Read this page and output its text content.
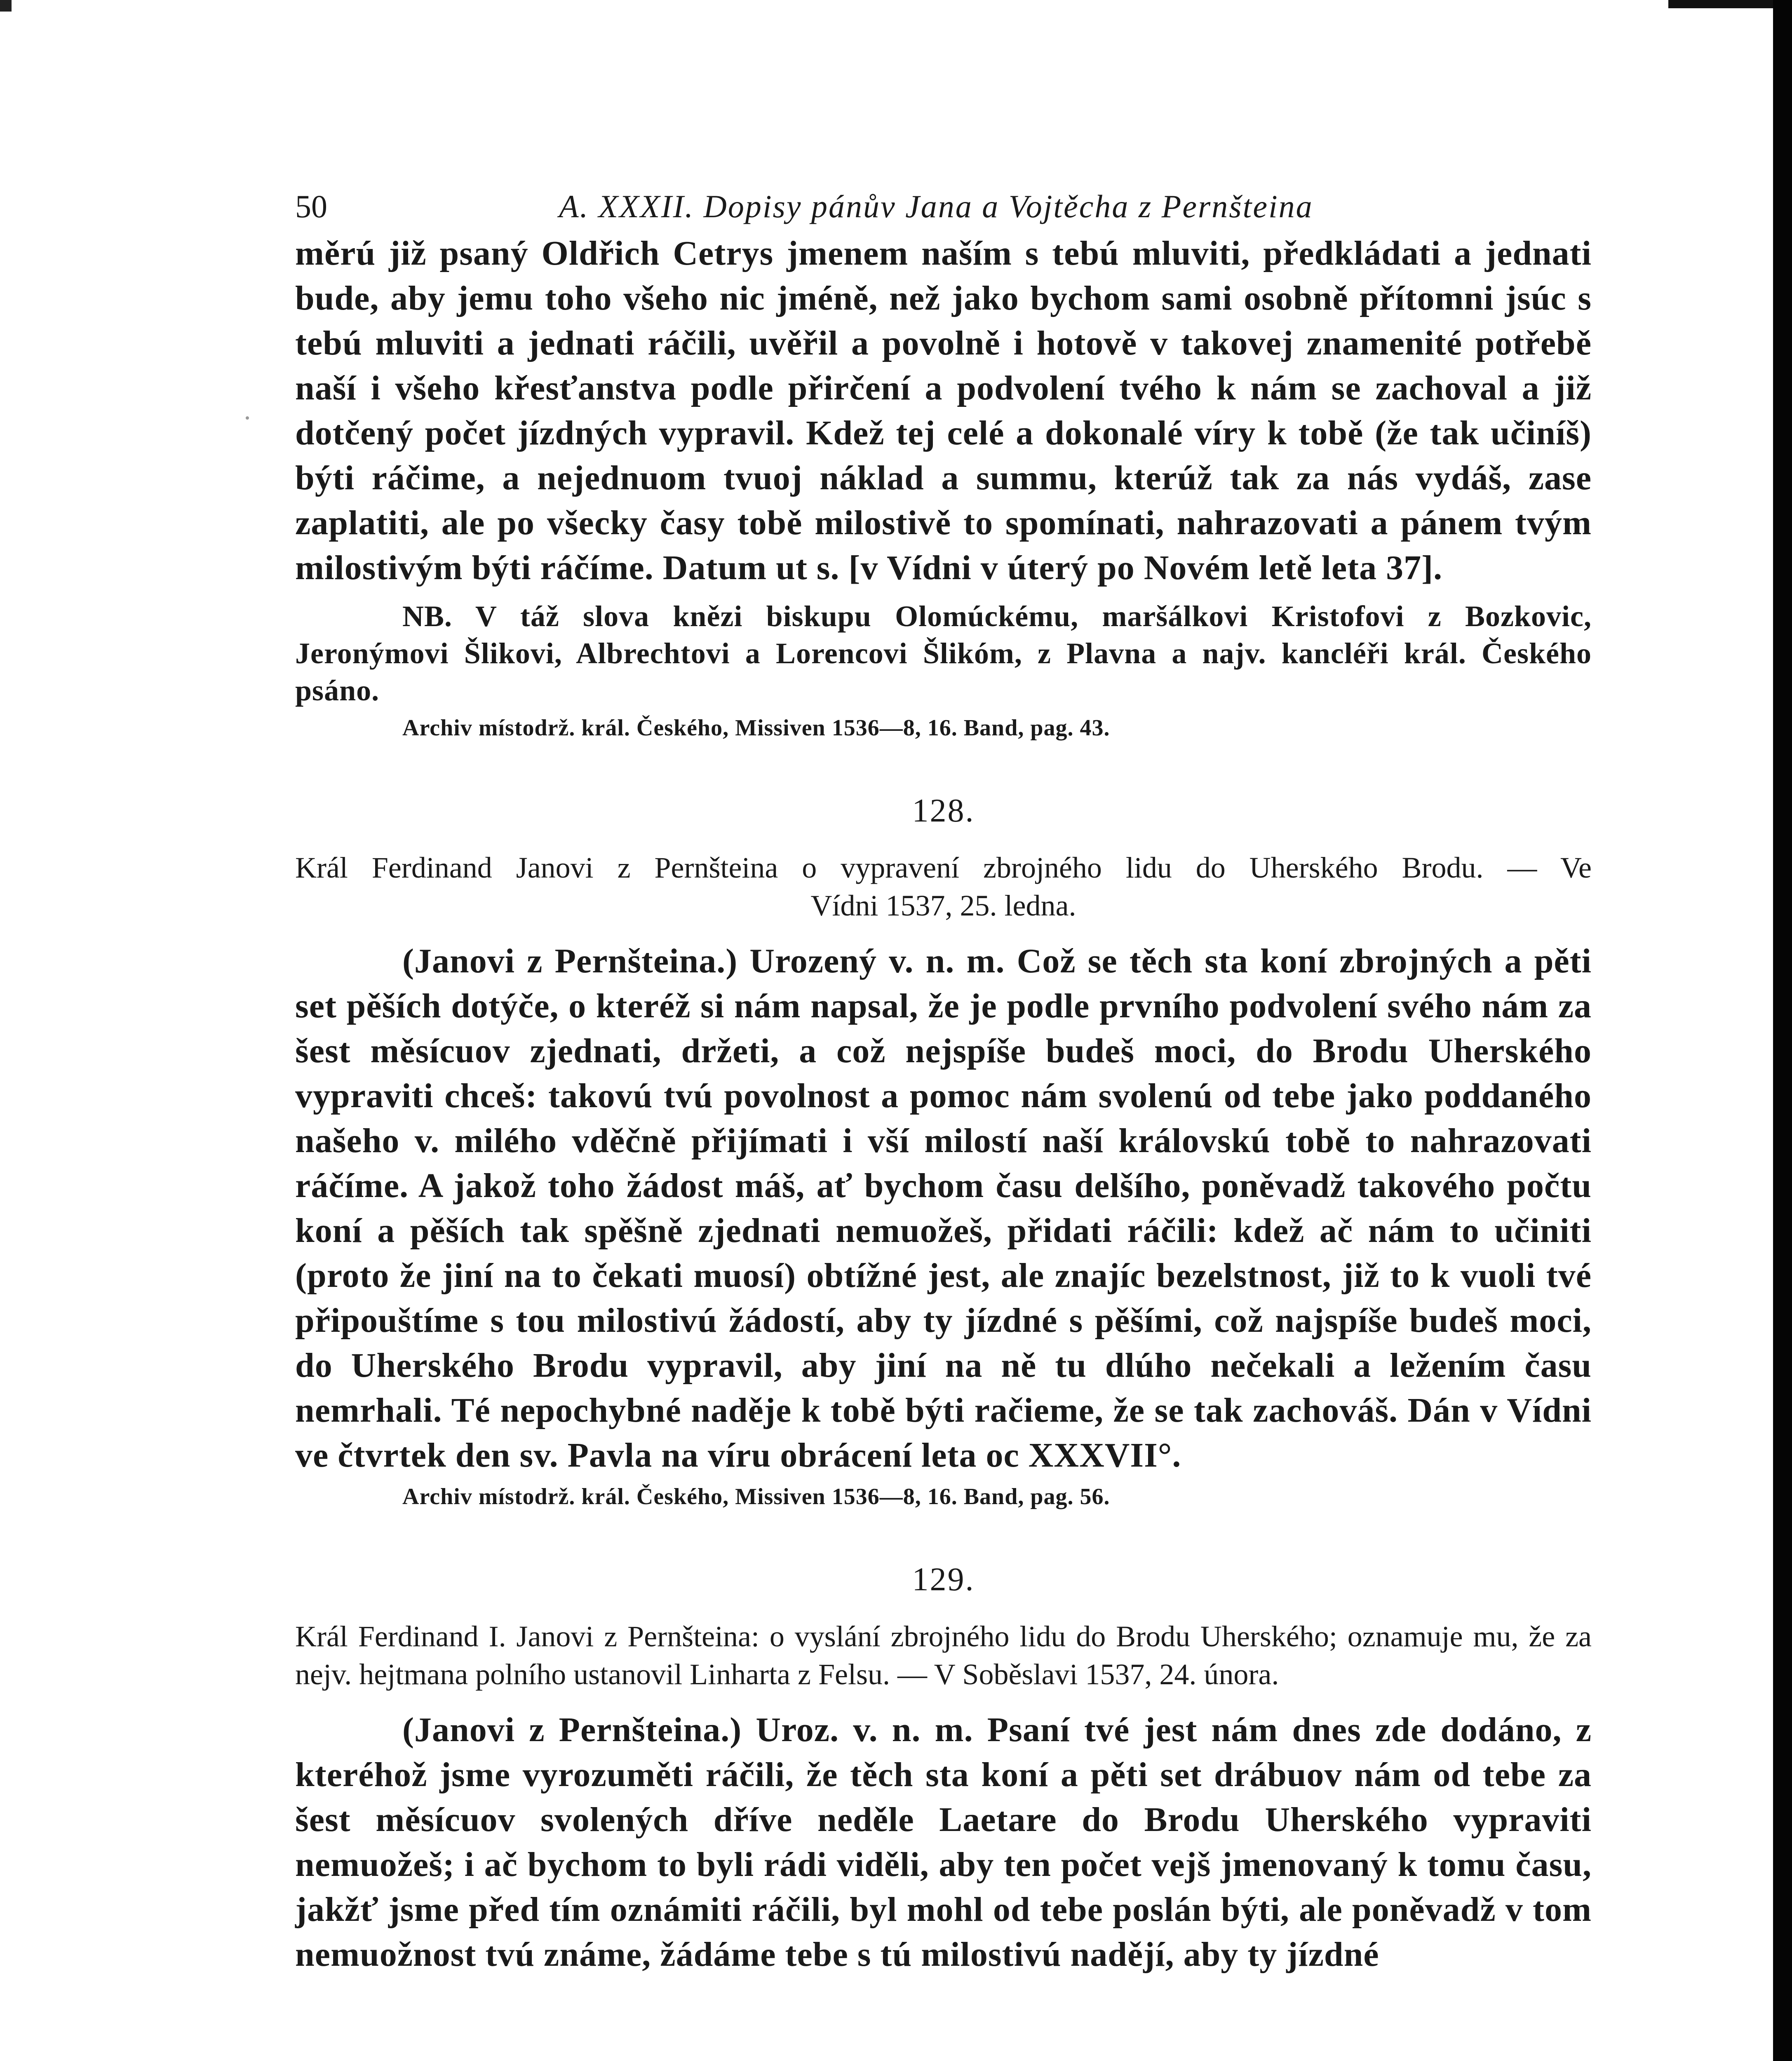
50	A. XXXII. Dopisy pánův Jana a Vojtěcha z Pernšteina

měrú již psaný Oldřich Cetrys jmenem naším s tebú mluviti, předkládati a jednati bude, aby jemu toho všeho nic jméně, než jako bychom sami osobně přítomni jsúc s tebú mluviti a jednati ráčili, uvěřil a povolně i hotově v takovej znamenité potřebě naší i všeho křesťanstva podle přirčení a podvolení tvého k nám se zachoval a již dotčený počet jízdných vypravil. Kdež tej celé a dokonalé víry k tobě (že tak učiníš) býti ráčime, a nejednuom tvuoj náklad a summu, kterúž tak za nás vydáš, zase zaplatiti, ale po všecky časy tobě milostivě to spomínati, nahrazovati a pánem tvým milostivým býti ráčíme. Datum ut s. [v Vídni v úterý po Novém letě leta 37].

NB. V táž slova knězi biskupu Olomúckému, maršálkovi Kristofovi z Bozkovic, Jeronýmovi Šlikovi, Albrechtovi a Lorencovi Šlikóm, z Plavna a najv. kancléři král. Českého psáno.

Archiv místodrž. král. Českého, Missiven 1536—8, 16. Band, pag. 43.

128.
Král Ferdinand Janovi z Pernšteina o vypravení zbrojného lidu do Uherského Brodu. — Ve
Vídni 1537, 25. ledna.

(Janovi z Pernšteina.) Urozený v. n. m. Což se těch sta koní zbrojných a pěti set pěších dotýče, o kteréž si nám napsal, že je podle prvního podvolení svého nám za šest měsícuov zjednati, držeti, a což nejspíše budeš moci, do Brodu Uherského vypraviti chceš: takovú tvú povolnost a pomoc nám svolenú od tebe jako poddaného našeho v. milého vděčně přijímati i vší milostí naší královskú tobě to nahrazovati ráčíme. A jakož toho žádost máš, ať bychom času delšího, poněvadž takového počtu koní a pěších tak spěšně zjednati nemuožeš, přidati ráčili: kdež ač nám to učiniti (proto že jiní na to čekati muosí) obtížné jest, ale znajíc bezelstnost, již to k vuoli tvé připouštíme s tou milostivú žádostí, aby ty jízdné s pěšími, což najspíše budeš moci, do Uherského Brodu vypravil, aby jiní na ně tu dlúho nečekali a ležením času nemrhali. Té nepochybné naděje k tobě býti račieme, že se tak zachováš. Dán v Vídni ve čtvrtek den sv. Pavla na víru obrácení leta oc XXXVII°.

Archiv místodrž. král. Českého, Missiven 1536—8, 16. Band, pag. 56.

129.
Král Ferdinand I. Janovi z Pernšteina: o vyslání zbrojného lidu do Brodu Uherského; oznamuje mu, že za nejv. hejtmana polního ustanovil Linharta z Felsu. — V Soběslavi 1537, 24. února.

(Janovi z Pernšteina.) Uroz. v. n. m. Psaní tvé jest nám dnes zde dodáno, z kteréhož jsme vyrozuměti ráčili, že těch sta koní a pěti set drábuov nám od tebe za šest měsícuov svolených dříve neděle Laetare do Brodu Uherského vypraviti nemuožeš; i ač bychom to byli rádi viděli, aby ten počet vejš jmenovaný k tomu času, jakžť jsme před tím oznámiti ráčili, byl mohl od tebe poslán býti, ale poněvadž v tom nemuožnost tvú známe, žádáme tebe s tú milostivú nadějí, aby ty jízdné
